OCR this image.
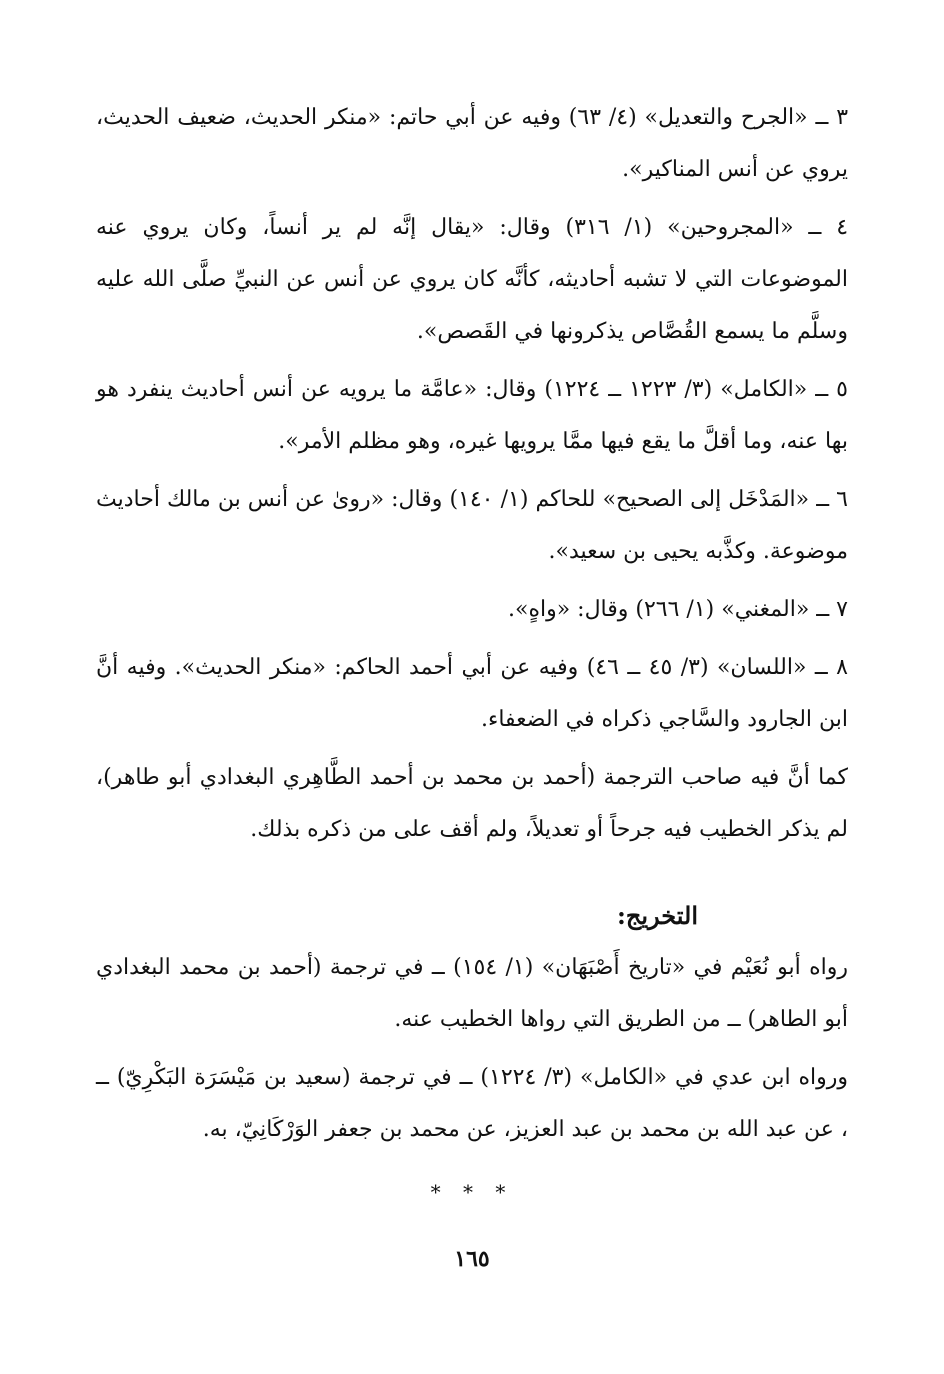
٣ ــ «الجرح والتعديل» (٤/ ٦٣) وفيه عن أبي حاتم: «منكر الحديث، ضعيف الحديث، يروي عن أنس المناكير».

٤ ــ «المجروحين» (١/ ٣١٦) وقال: «يقال إنَّه لم ير أنساً، وكان يروي عنه الموضوعات التي لا تشبه أحاديثه، كأنَّه كان يروي عن أنس عن النبيِّ صلَّى الله عليه وسلَّم ما يسمع القُصَّاص يذكرونها في القَصص».

٥ ــ «الكامل» (٣/ ١٢٢٣ ــ ١٢٢٤) وقال: «عامَّة ما يرويه عن أنس أحاديث ينفرد هو بها عنه، وما أقلَّ ما يقع فيها ممَّا يرويها غيره، وهو مظلم الأمر».

٦ ــ «المَدْخَل إلى الصحيح» للحاكم (١/ ١٤٠) وقال: «روىٰ عن أنس بن مالك أحاديث موضوعة. وكذَّبه يحيى بن سعيد».

٧ ــ «المغني» (١/ ٢٦٦) وقال: «واهٍ».

٨ ــ «اللسان» (٣/ ٤٥ ــ ٤٦) وفيه عن أبي أحمد الحاكم: «منكر الحديث». وفيه أنَّ ابن الجارود والسَّاجي ذكراه في الضعفاء.

كما أنَّ فيه صاحب الترجمة (أحمد بن محمد بن أحمد الطَّاهِري البغدادي أبو طاهر)، لم يذكر الخطيب فيه جرحاً أو تعديلاً، ولم أقف على من ذكره بذلك.

التخريج:

رواه أبو نُعَيْم في «تاريخ أَصْبَهَان» (١/ ١٥٤) ــ في ترجمة (أحمد بن محمد البغدادي أبو الطاهر) ــ من الطريق التي رواها الخطيب عنه.

ورواه ابن عدي في «الكامل» (٣/ ١٢٢٤) ــ في ترجمة (سعيد بن مَيْسَرَة البَكْرِيّ) ــ ، عن عبد الله بن محمد بن عبد العزيز، عن محمد بن جعفر الوَرْكَانِيّ، به.

* * *
١٦٥
